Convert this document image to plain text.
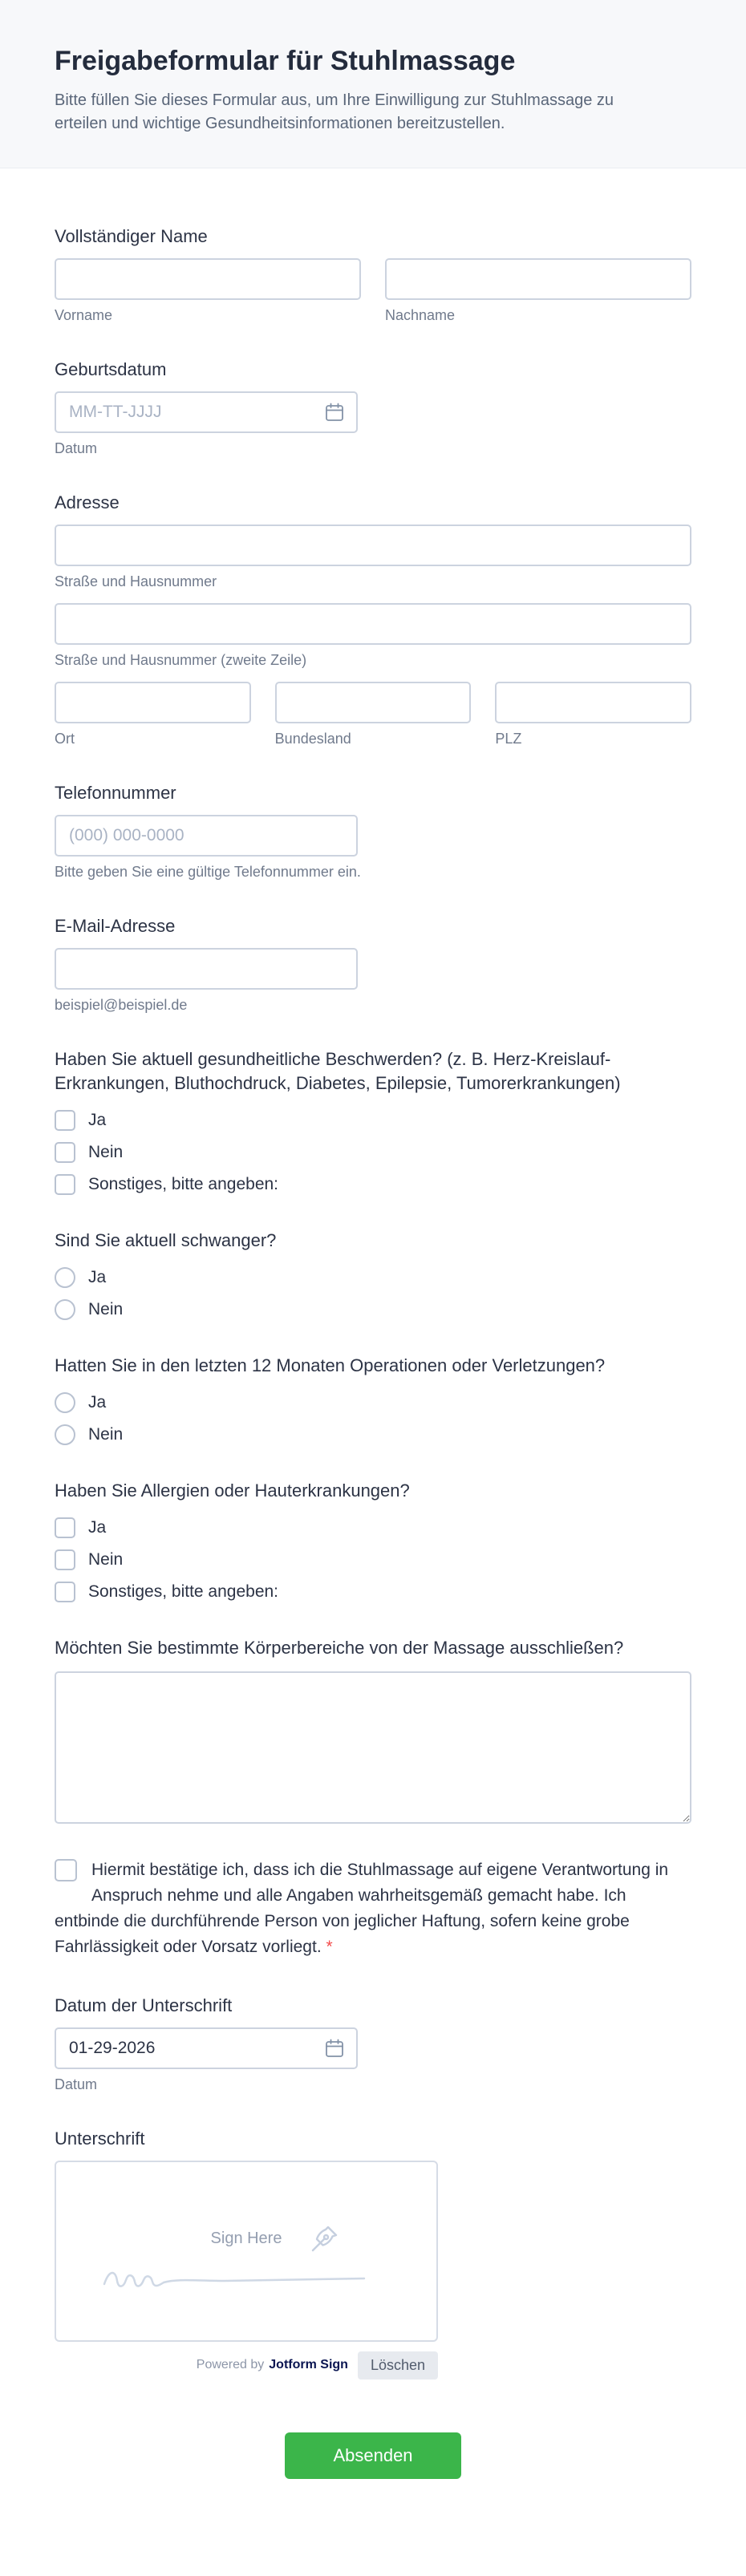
Freigabeformular für Stuhlmassage

Bitte füllen Sie dieses Formular aus, um Ihre Einwilligung zur Stuhlmassage zu erteilen und wichtige Gesundheitsinformationen bereitzustellen.

Vollständiger Name
Vorname	Nachname
Geburtsdatum
MM-TT-JJJJ
Datum
Adresse
Straße und Hausnummer
Straße und Hausnummer (zweite Zeile)
Ort	Bundesland	PLZ
Telefonnummer
(000) 000-0000
Bitte geben Sie eine gültige Telefonnummer ein.
E-Mail-Adresse
beispiel@beispiel.de
Haben Sie aktuell gesundheitliche Beschwerden? (z. B. Herz-Kreislauf-Erkrankungen, Bluthochdruck, Diabetes, Epilepsie, Tumorerkrankungen)
Ja
Nein
Sonstiges, bitte angeben:
Sind Sie aktuell schwanger?
Ja
Nein
Hatten Sie in den letzten 12 Monaten Operationen oder Verletzungen?
Ja
Nein
Haben Sie Allergien oder Hauterkrankungen?
Ja
Nein
Sonstiges, bitte angeben:
Möchten Sie bestimmte Körperbereiche von der Massage ausschließen?
Hiermit bestätige ich, dass ich die Stuhlmassage auf eigene Verantwortung in Anspruch nehme und alle Angaben wahrheitsgemäß gemacht habe. Ich entbinde die durchführende Person von jeglicher Haftung, sofern keine grobe Fahrlässigkeit oder Vorsatz vorliegt. *
Datum der Unterschrift
01-29-2026
Datum
Unterschrift
Sign Here
Powered by Jotform Sign	Löschen
Absenden
